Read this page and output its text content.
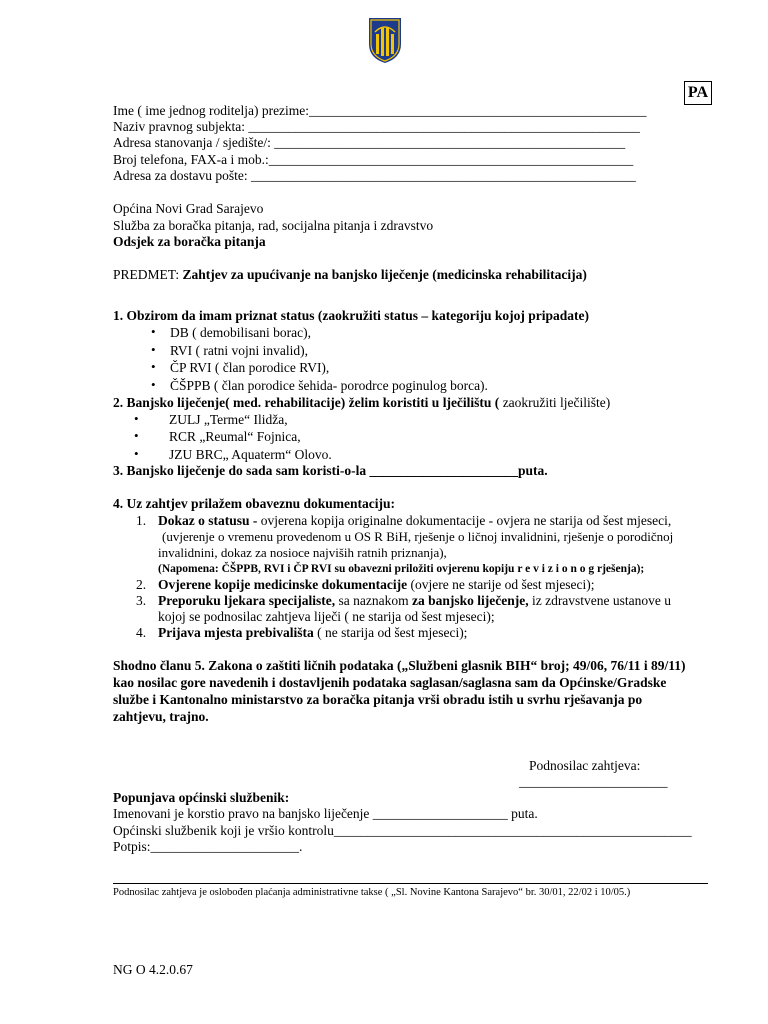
PA
Ime ( ime jednog roditelja) prezime:__________________________________________________
Naziv pravnog subjekta: __________________________________________________________
Adresa stanovanja / sjedište/: ____________________________________________________
Broj telefona, FAX-a i mob.:______________________________________________________
Adresa za dostavu pošte: _________________________________________________________
Općina Novi Grad Sarajevo
Služba za boračka pitanja, rad, socijalna pitanja i zdravstvo
Odsjek za boračka pitanja
PREDMET: Zahtjev za upućivanje na banjsko liječenje (medicinska rehabilitacija)
1. Obzirom da imam priznat status (zaokružiti status – kategoriju kojoj pripadate)
• DB ( demobilisani borac),
• RVI ( ratni vojni invalid),
• ČP RVI ( član porodice RVI),
• ČŠPPB ( član porodice šehida- porodrce poginulog borca).
2. Banjsko liječenje( med. rehabilitacije) želim koristiti u lječilištu ( zaokružiti lječilište)
• ZULJ „Terme“ Ilidža,
• RCR „Reumal“ Fojnica,
• JZU BRC„ Aquaterm“ Olovo.
3. Banjsko liječenje do sada sam koristi-o-la ______________________puta.
4. Uz zahtjev prilažem obaveznu dokumentaciju:
1. Dokaz o statusu - ovjerena kopija originalne dokumentacije - ovjera ne starija od šest mjeseci,
(uvjerenje o vremenu provedenom u OS R BiH, rješenje o ličnoj invalidnini, rješenje o porodičnoj
invalidnini, dokaz za nosioce najviših ratnih priznanja),
(Napomena: ČŠPPB, RVI i ČP RVI su obavezni priložiti ovjerenu kopiju r e v i z i o n o g rješenja);
2. Ovjerene kopije medicinske dokumentacije (ovjere ne starije od šest mjeseci);
3. Preporuku ljekara specijaliste, sa naznakom za banjsko liječenje, iz zdravstvene ustanove u
kojoj se podnosilac zahtjeva liječi ( ne starija od šest mjeseci);
4. Prijava mjesta prebivališta ( ne starija od šest mjeseci);
Shodno članu 5. Zakona o zaštiti ličnih podataka („Službeni glasnik BIH“ broj; 49/06, 76/11 i 89/11)
kao nosilac gore navedenih i dostavljenih podataka saglasan/saglasna sam da Općinske/Gradske
službe i Kantonalno ministarstvo za boračka pitanja vrši obradu istih u svrhu rješavanja po
zahtjevu, trajno.
Podnosilac zahtjeva:
______________________
Popunjava općinski službenik:
Imenovani je korstio pravo na banjsko liječenje ____________________ puta.
Općinski službenik koji je vršio kontrolu_____________________________________________________
Potpis:______________________.
Podnosilac zahtjeva je oslobođen plaćanja administrativne takse ( „Sl. Novine Kantona Sarajevo“ br. 30/01, 22/02 i 10/05.)
NG O 4.2.0.67
